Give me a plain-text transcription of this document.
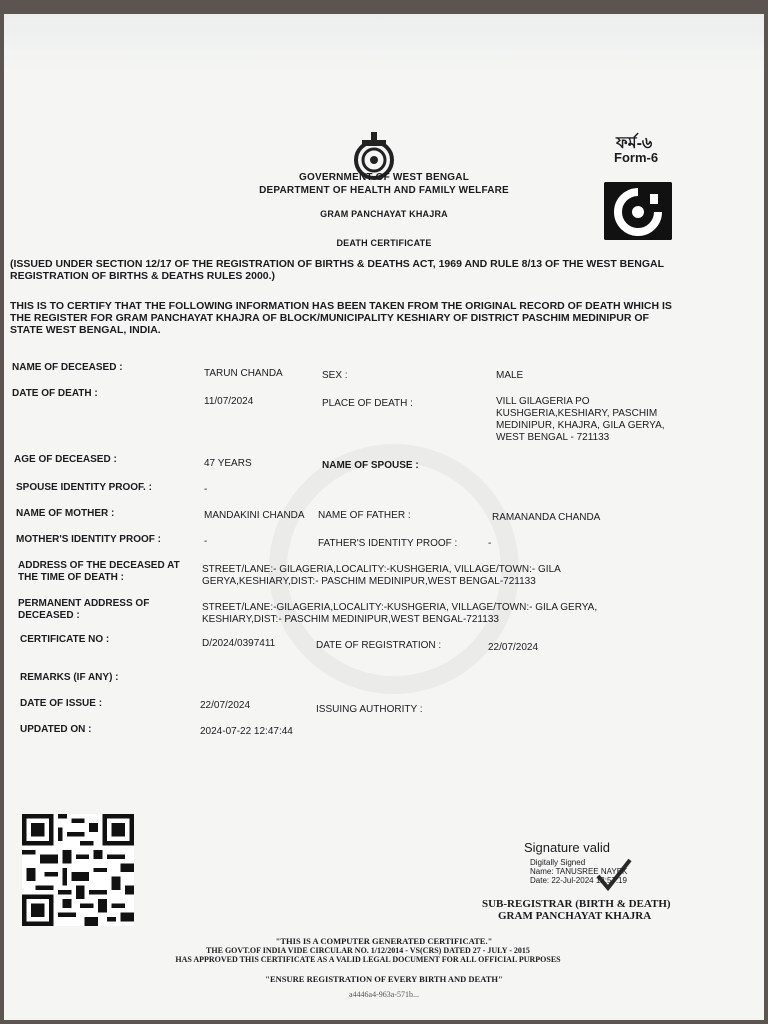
ফর্ম-৬
Form-6
GOVERNMENT OF WEST BENGAL
DEPARTMENT OF HEALTH AND FAMILY WELFARE
GRAM PANCHAYAT KHAJRA
DEATH CERTIFICATE
(ISSUED UNDER SECTION 12/17 OF THE REGISTRATION OF BIRTHS & DEATHS ACT, 1969 AND RULE 8/13 OF THE WEST BENGAL
REGISTRATION OF BIRTHS & DEATHS RULES 2000.)
THIS IS TO CERTIFY THAT THE FOLLOWING INFORMATION HAS BEEN TAKEN FROM THE ORIGINAL RECORD OF DEATH WHICH IS
THE REGISTER FOR GRAM PANCHAYAT KHAJRA OF BLOCK/MUNICIPALITY KESHIARY OF DISTRICT PASCHIM MEDINIPUR OF
STATE WEST BENGAL, INDIA.
NAME OF DECEASED :
TARUN CHANDA	SEX :	MALE
DATE OF DEATH :
11/07/2024	PLACE OF DEATH :	VILL GILAGERIA PO
KUSHGERIA,KESHIARY, PASCHIM
MEDINIPUR, KHAJRA, GILA GERYA,
WEST BENGAL - 721133
AGE OF DECEASED :	47 YEARS	NAME OF SPOUSE :
SPOUSE IDENTITY PROOF. :	-
NAME OF MOTHER :	MANDAKINI CHANDA NAME OF FATHER :	RAMANANDA CHANDA
MOTHER'S IDENTITY PROOF :	-	FATHER'S IDENTITY PROOF :	-
ADDRESS OF THE DECEASED AT
THE TIME OF DEATH :
STREET/LANE:- GILAGERIA,LOCALITY:-KUSHGERIA, VILLAGE/TOWN:- GILA
GERYA,KESHIARY,DIST:- PASCHIM MEDINIPUR,WEST BENGAL-721133
PERMANENT ADDRESS OF
DECEASED :
STREET/LANE:-GILAGERIA,LOCALITY:-KUSHGERIA, VILLAGE/TOWN:- GILA GERYA,
KESHIARY,DIST:- PASCHIM MEDINIPUR,WEST BENGAL-721133
CERTIFICATE NO :	D/2024/0397411	DATE OF REGISTRATION :	22/07/2024
REMARKS (IF ANY) :
DATE OF ISSUE :	22/07/2024	ISSUING AUTHORITY :
UPDATED ON :	2024-07-22 12:47:44
Signature valid
Digitally Signed
Name: TANUSREE NAYEK
Date: 22-Jul-2024 12:57:19
SUB-REGISTRAR (BIRTH & DEATH)
GRAM PANCHAYAT KHAJRA
"THIS IS A COMPUTER GENERATED CERTIFICATE."
THE GOVT.OF INDIA VIDE CIRCULAR NO. 1/12/2014 - VS(CRS) DATED 27 - JULY - 2015
HAS APPROVED THIS CERTIFICATE AS A VALID LEGAL DOCUMENT FOR ALL OFFICIAL PURPOSES
"ENSURE REGISTRATION OF EVERY BIRTH AND DEATH"
a4446a4-963a-571b...
